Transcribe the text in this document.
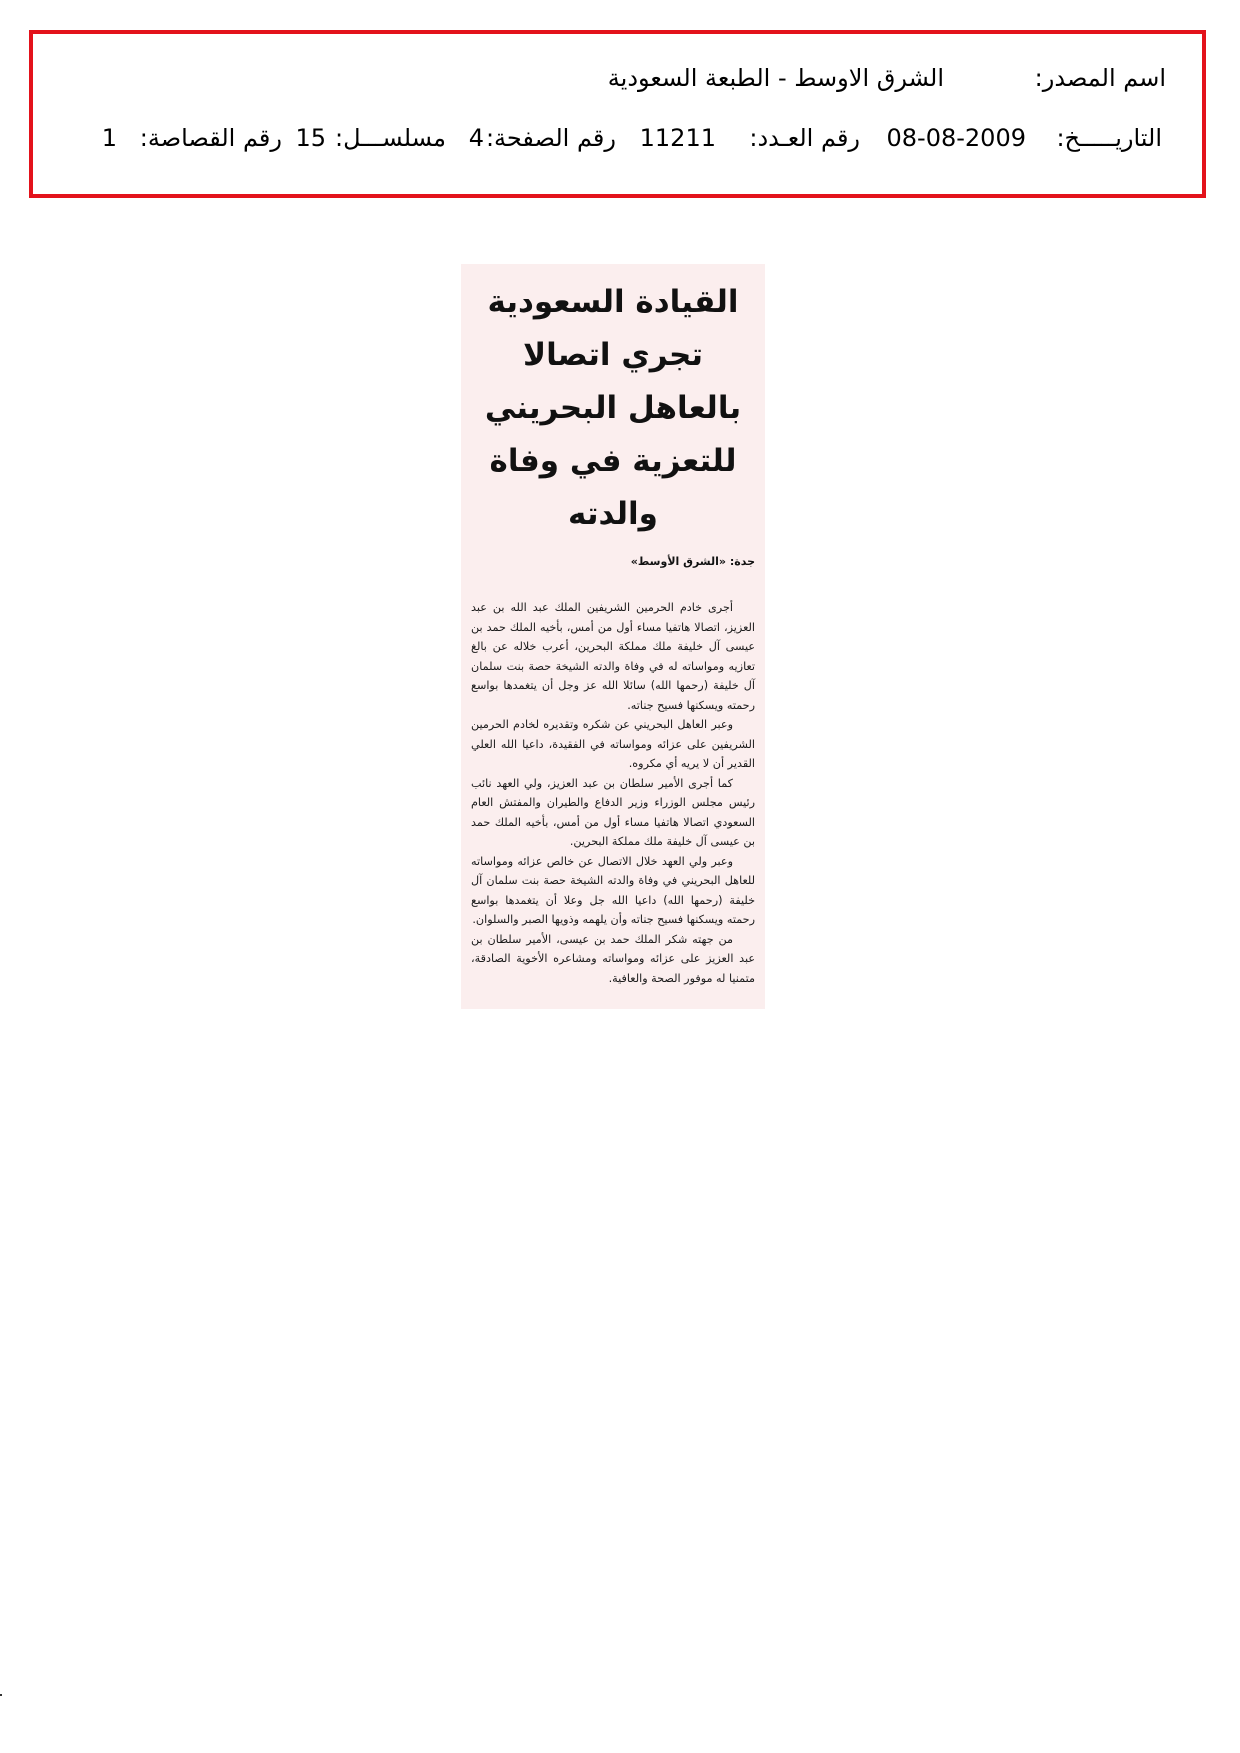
اسم المصدر:
الشرق الاوسط - الطبعة السعودية
التاريـــــخ:
08-08-2009
رقم العـدد:
11211
رقم الصفحة:
4
مسلســـل:
15
رقم القصاصة:
1
القيادة السعودية تجري اتصالا بالعاهل البحريني للتعزية في وفاة والدته
جدة: «الشرق الأوسط»

أجرى خادم الحرمين الشريفين الملك عبد الله بن عبد العزيز، اتصالا هاتفيا مساء أول من أمس، بأخيه الملك حمد بن عيسى آل خليفة ملك مملكة البحرين، أعرب خلاله عن بالغ تعازيه ومواساته له في وفاة والدته الشيخة حصة بنت سلمان آل خليفة (رحمها الله) سائلا الله عز وجل أن يتغمدها بواسع رحمته ويسكنها فسيح جناته.

وعبر العاهل البحريني عن شكره وتقديره لخادم الحرمين الشريفين على عزائه ومواساته في الفقيدة، داعيا الله العلي القدير أن لا يريه أي مكروه.

كما أجرى الأمير سلطان بن عبد العزيز، ولي العهد نائب رئيس مجلس الوزراء وزير الدفاع والطيران والمفتش العام السعودي اتصالا هاتفيا مساء أول من أمس، بأخيه الملك حمد بن عيسى آل خليفة ملك مملكة البحرين.

وعبر ولي العهد خلال الاتصال عن خالص عزائه ومواساته للعاهل البحريني في وفاة والدته الشيخة حصة بنت سلمان آل خليفة (رحمها الله) داعيا الله جل وعلا أن يتغمدها بواسع رحمته ويسكنها فسيح جناته وأن يلهمه وذويها الصبر والسلوان.

من جهته شكر الملك حمد بن عيسى، الأمير سلطان بن عبد العزيز على عزائه ومواساته ومشاعره الأخوية الصادقة، متمنيا له موفور الصحة والعافية.
